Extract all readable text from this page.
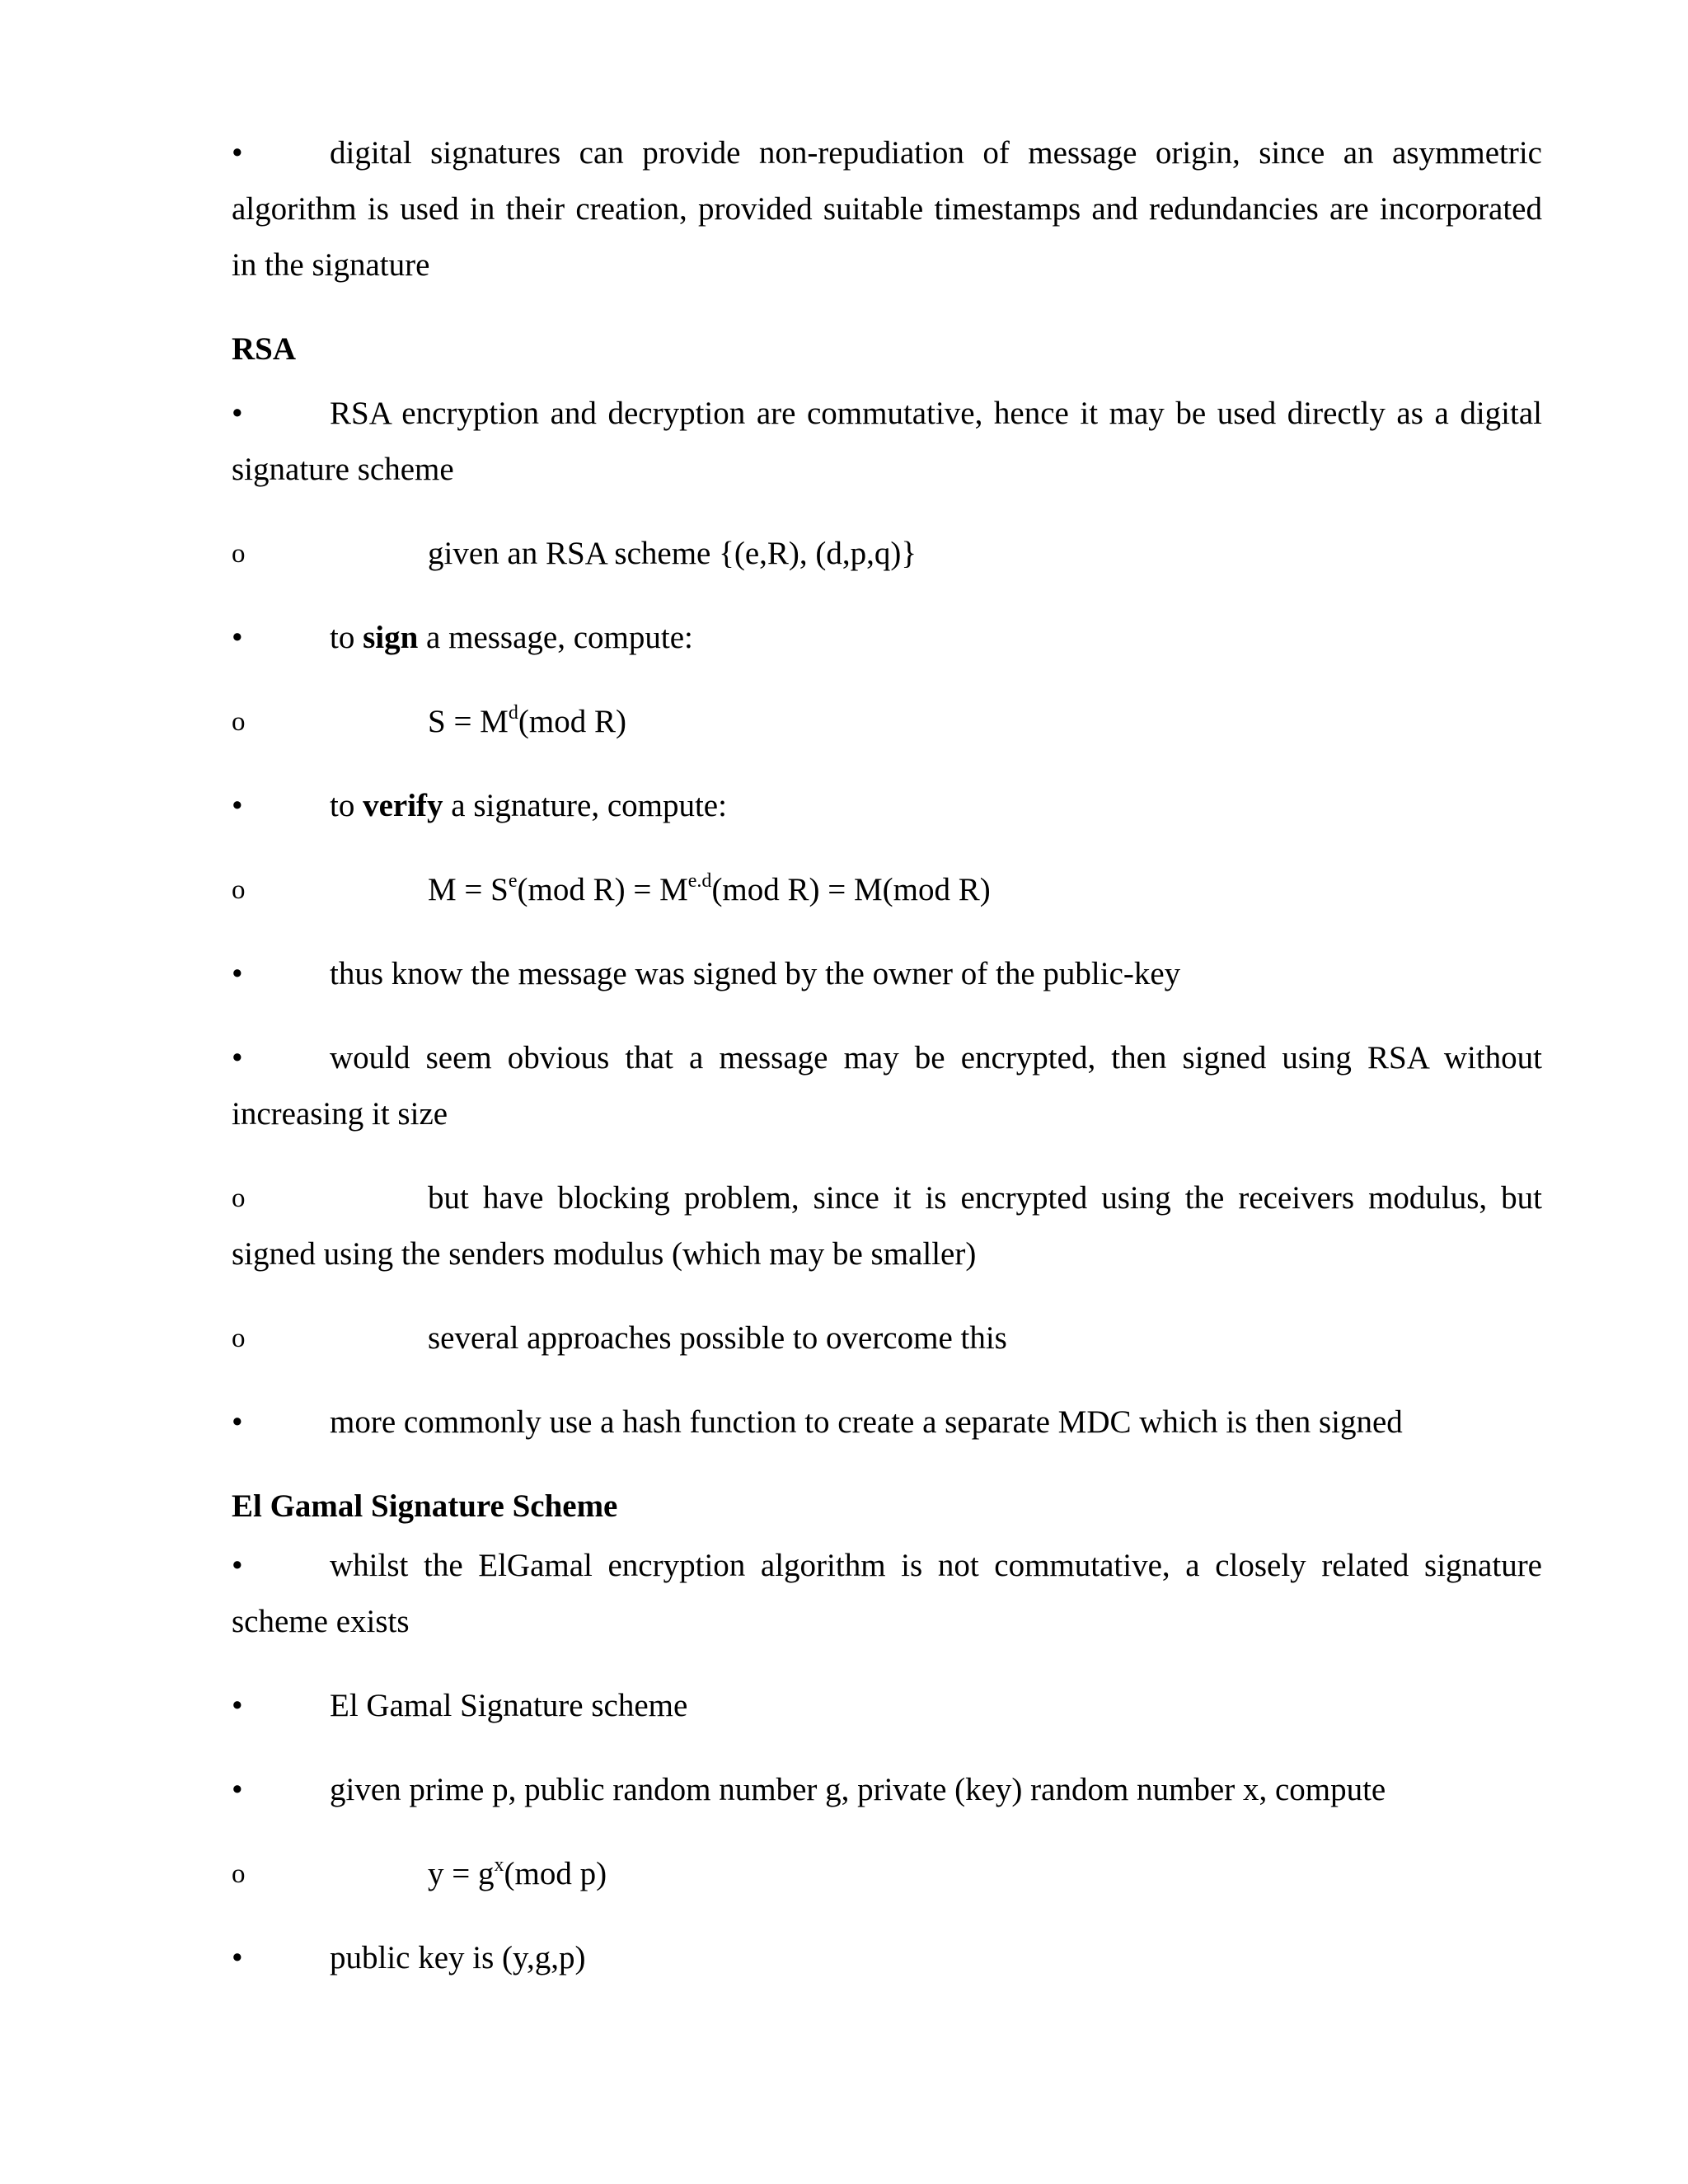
•	digital signatures can provide non-repudiation of message origin, since an asymmetric
algorithm is used in their creation, provided suitable timestamps and redundancies are incorporated
in the signature
RSA
•	RSA encryption and decryption are commutative, hence it may be used directly as a digital
signature scheme
o	given an RSA scheme {(e,R), (d,p,q)}
•	to sign a message, compute:
o	$S = M^d(mod$ R)
•	to verify a signature, compute:
o	$M = S^e(mod$ $R) = M^{e.d}(mod$ R) = M(mod R)
•	thus know the message was signed by the owner of the public-key
•	would seem obvious that a message may be encrypted, then signed using RSA without
increasing it size
o	but have blocking problem, since it is encrypted using the receivers modulus, but
signed using the senders modulus (which may be smaller)
o	several approaches possible to overcome this
•	more commonly use a hash function to create a separate MDC which is then signed
El Gamal Signature Scheme
•	whilst the ElGamal encryption algorithm is not commutative, a closely related signature
scheme exists
•	El Gamal Signature scheme
•	given prime p, public random number g, private (key) random number x, compute
o	$y = g^x(mod$ p)
•	public key is (y,g,p)
